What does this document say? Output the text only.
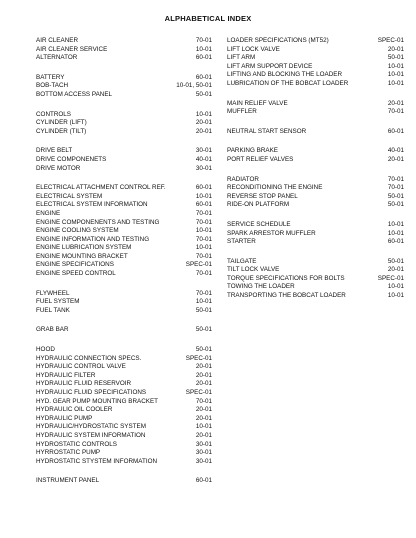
ALPHABETICAL INDEX
AIR CLEANER	70-01
AIR CLEANER SERVICE	10-01
ALTERNATOR	60-01
BATTERY	60-01
BOB-TACH	10-01, 50-01
BOTTOM ACCESS PANEL	50-01
CONTROLS	10-01
CYLINDER (LIFT)	20-01
CYLINDER (TILT)	20-01
DRIVE BELT	30-01
DRIVE COMPONENETS	40-01
DRIVE MOTOR	30-01
ELECTRICAL ATTACHMENT CONTROL REF.	60-01
ELECTRICAL SYSTEM	10-01
ELECTRICAL SYSTEM INFORMATION	60-01
ENGINE	70-01
ENGINE COMPONENENTS AND TESTING	70-01
ENGINE COOLING SYSTEM	10-01
ENGINE INFORMATION AND TESTING	70-01
ENGINE LUBRICATION SYSTEM	10-01
ENGINE MOUNTING BRACKET	70-01
ENGINE SPECIFICATIONS	SPEC-01
ENGINE SPEED CONTROL	70-01
FLYWHEEL	70-01
FUEL SYSTEM	10-01
FUEL TANK	50-01
GRAB BAR	50-01
HOOD	50-01
HYDRAULIC CONNECTION SPECS.	SPEC-01
HYDRAULIC CONTROL VALVE	20-01
HYDRAULIC FILTER	20-01
HYDRAULIC FLUID RESERVOIR	20-01
HYDRAULIC FLUID SPECIFICATIONS	SPEC-01
HYD. GEAR PUMP MOUNTING BRACKET	70-01
HYDRAULIC OIL COOLER	20-01
HYDRAULIC PUMP	20-01
HYDRAULIC/HYDROSTATIC SYSTEM	10-01
HYDRAULIC SYSTEM INFORMATION	20-01
HYDROSTATIC CONTROLS	30-01
HYRROSTATIC PUMP	30-01
HYDROSTATIC STYSTEM INFORMATION	30-01
INSTRUMENT PANEL	60-01
LOADER SPECIFICATIONS (MT52)	SPEC-01
LIFT LOCK VALVE	20-01
LIFT ARM	50-01
LIFT ARM SUPPORT DEVICE	10-01
LIFTING AND BLOCKING THE LOADER	10-01
LUBRICATION OF THE BOBCAT LOADER	10-01
MAIN RELIEF VALVE	20-01
MUFFLER	70-01
NEUTRAL START SENSOR	60-01
PARKING BRAKE	40-01
PORT RELIEF VALVES	20-01
RADIATOR	70-01
RECONDITIONING THE ENGINE	70-01
REVERSE STOP PANEL	50-01
RIDE-ON PLATFORM	50-01
SERVICE SCHEDULE	10-01
SPARK ARRESTOR MUFFLER	10-01
STARTER	60-01
TAILGATE	50-01
TILT LOCK VALVE	20-01
TORQUE SPECIFICATIONS FOR BOLTS	SPEC-01
TOWING THE LOADER	10-01
TRANSPORTING THE BOBCAT LOADER	10-01
